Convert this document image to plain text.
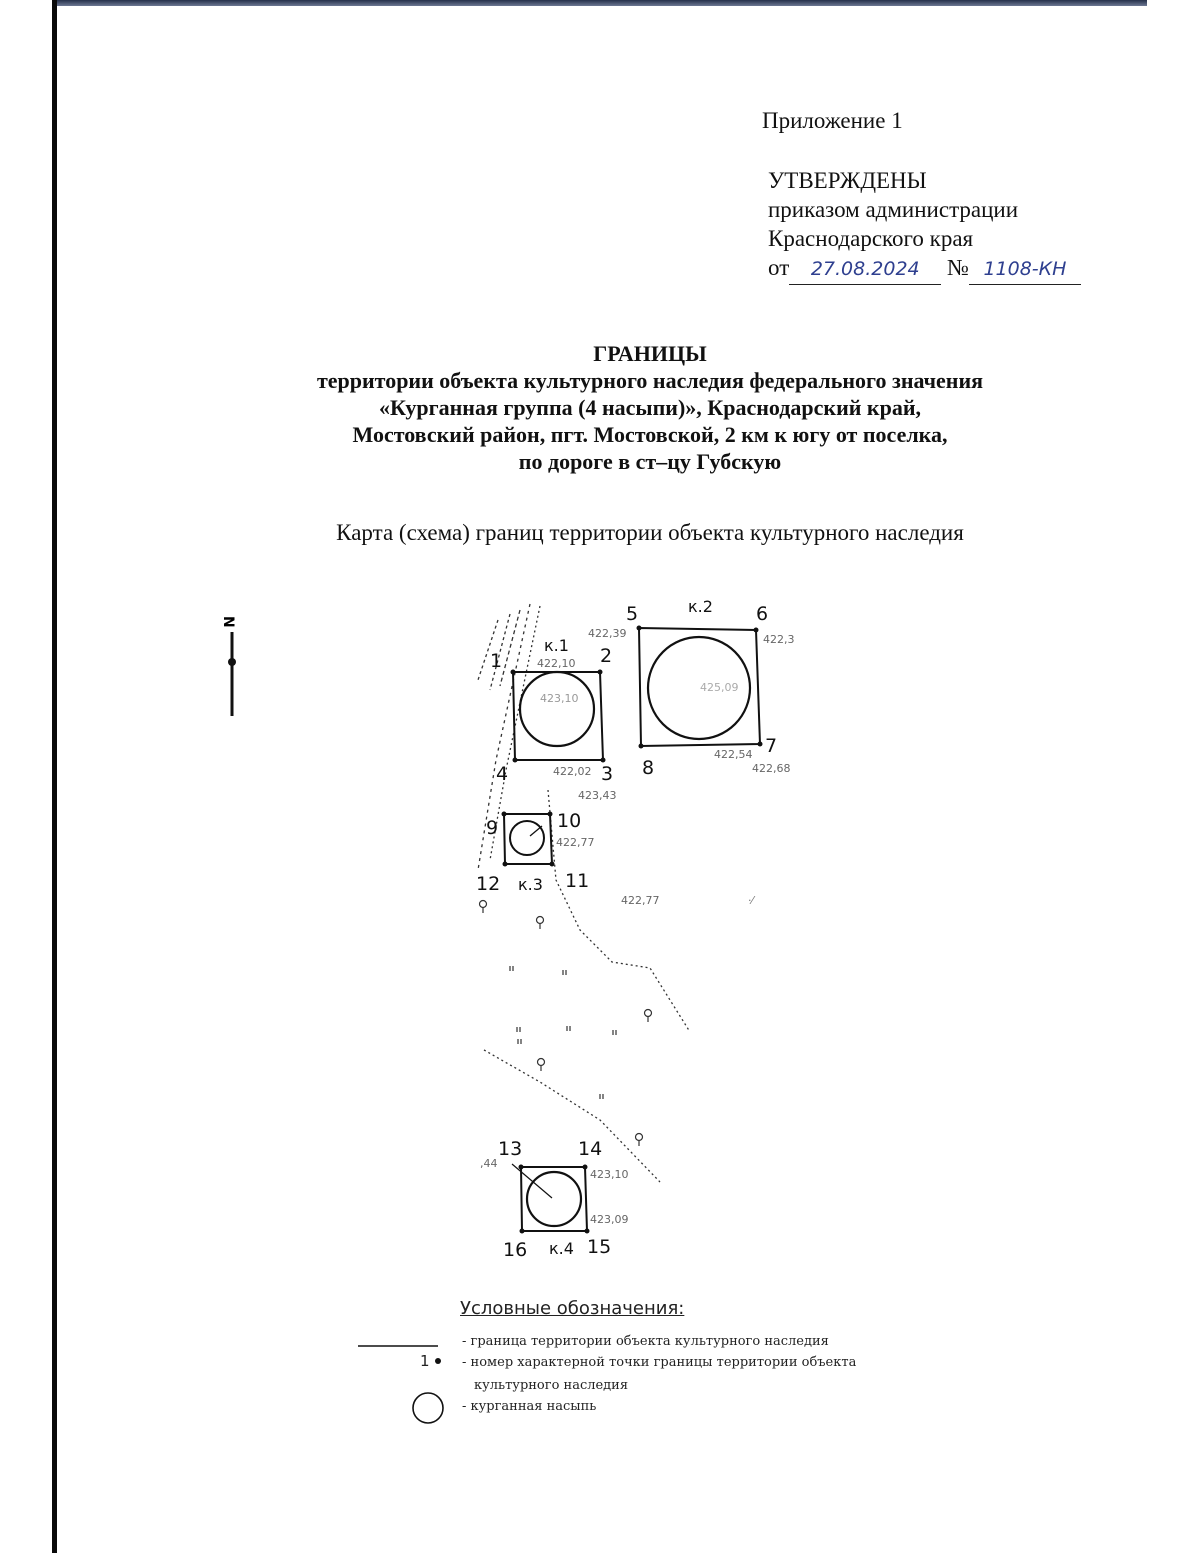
Приложение 1
УТВЕРЖДЕНЫ
приказом администрации
Краснодарского края
от 27.08.2024 № 1108-КН
ГРАНИЦЫ
территории объекта культурного наследия федерального значения
«Курганная группа (4 насыпи)», Краснодарский край,
Мостовский район, пгт. Мостовской, 2 км к югу от поселка,
по дороге в ст–цу Губскую
Карта (схема) границ территории объекта культурного наследия
N
к.1
к.2
к.3
к.4
1	2
3
4
5	6
7
8
9	10
11
12
13	14
15
16
422,10
423,10
422,02
422,39	422,3
425,09
422,54
422,68
423,43
422,77
422,77
,44
423,10
423,09
·⁄
Условные обозначения:
- граница территории объекта культурного наследия
1 - номер характерной точки границы территории объекта
культурного наследия
- курганная насыпь
